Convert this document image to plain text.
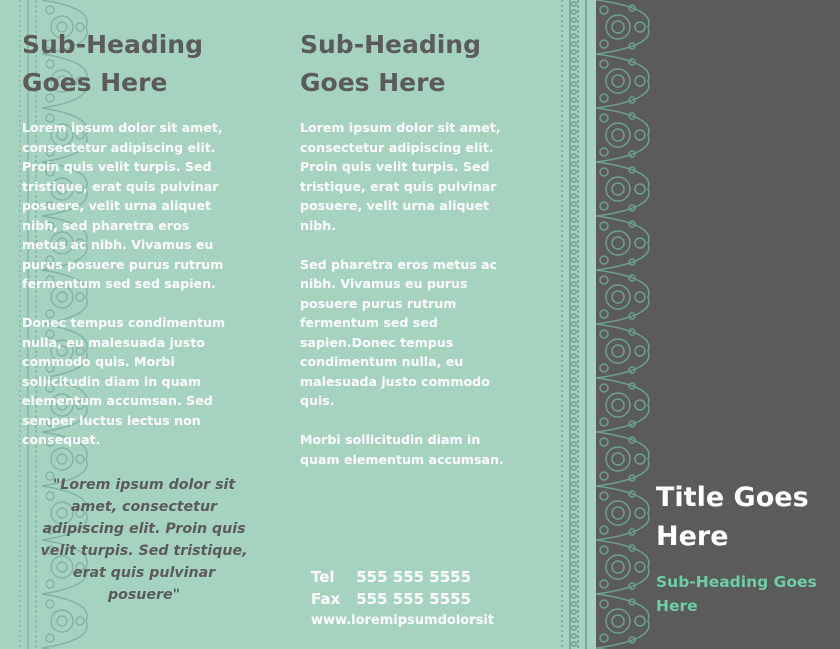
Sub-Heading
Goes Here
Lorem ipsum dolor sit amet,
consectetur adipiscing elit.
Proin quis velit turpis. Sed
tristique, erat quis pulvinar
posuere, velit urna aliquet
nibh, sed pharetra eros
metus ac nibh. Vivamus eu
purus posuere purus rutrum
fermentum sed sed sapien.
Donec tempus condimentum
nulla, eu malesuada justo
commodo quis. Morbi
sollicitudin diam in quam
elementum accumsan. Sed
semper luctus lectus non
consequat.
"Lorem ipsum dolor sit
amet, consectetur
adipiscing elit. Proin quis
velit turpis. Sed tristique,
erat quis pulvinar
posuere"
Sub-Heading
Goes Here
Lorem ipsum dolor sit amet,
consectetur adipiscing elit.
Proin quis velit turpis. Sed
tristique, erat quis pulvinar
posuere, velit urna aliquet
nibh.
Sed pharetra eros metus ac
nibh. Vivamus eu purus
posuere purus rutrum
fermentum sed sed
sapien.Donec tempus
condimentum nulla, eu
malesuada justo commodo
quis.
Morbi sollicitudin diam in
quam elementum accumsan.
Tel 555 555 5555
Fax 555 555 5555
www.loremipsumdolorsit
Title Goes
Here
Sub-Heading Goes
Here
